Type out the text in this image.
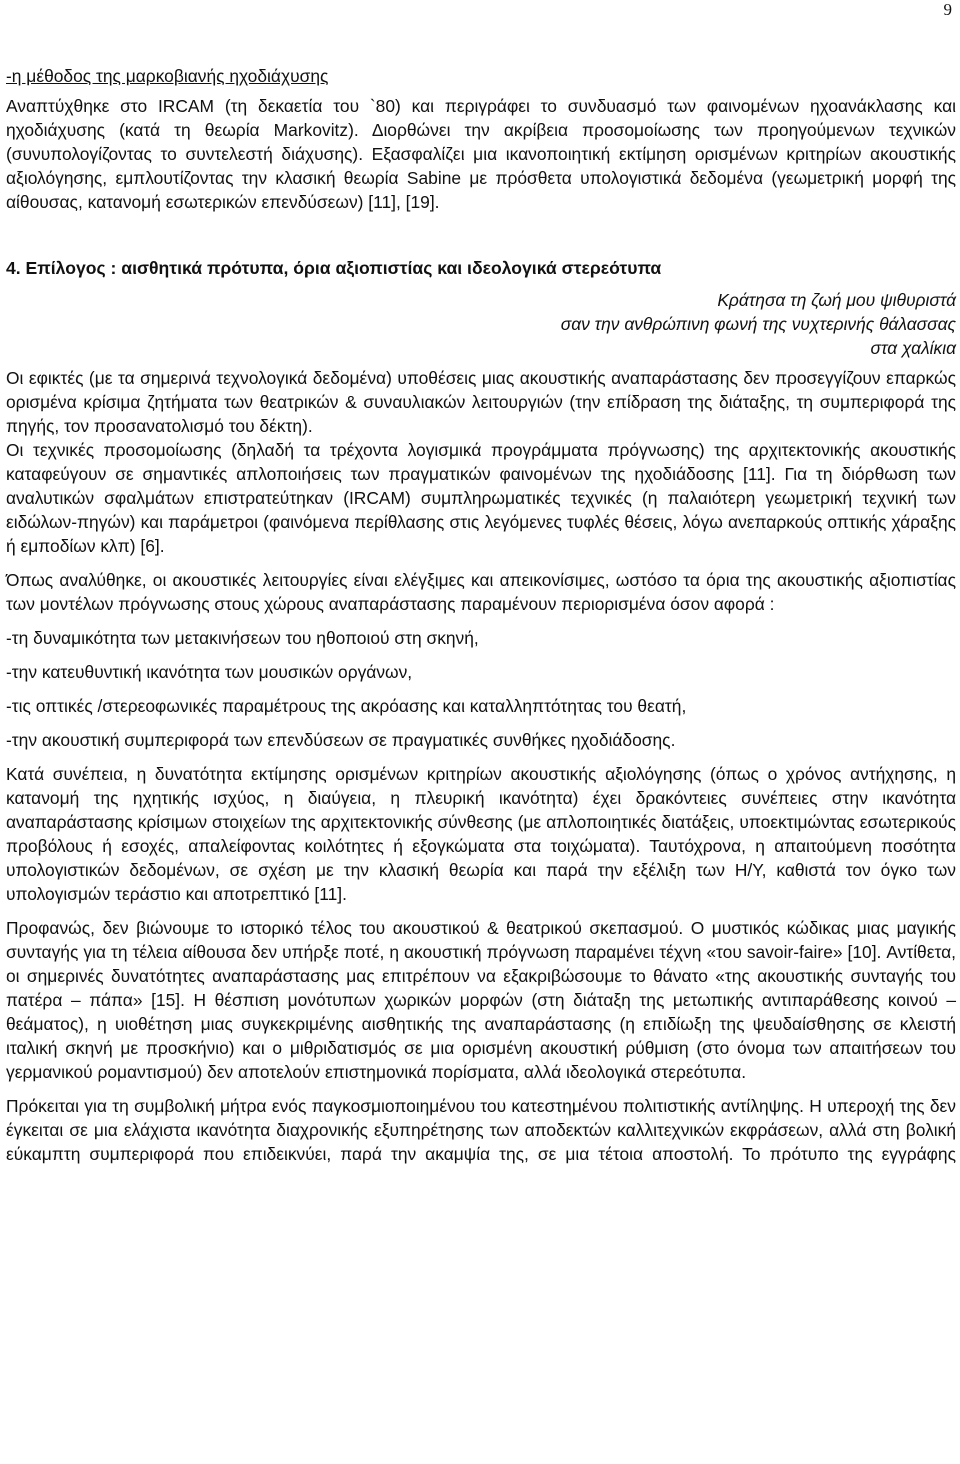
9
-η μέθοδος της μαρκοβιανής ηχοδιάχυσης

Αναπτύχθηκε στο IRCAM (τη δεκαετία του `80) και περιγράφει το συνδυασμό των φαινομένων ηχοανάκλασης και ηχοδιάχυσης (κατά τη θεωρία Markovitz). Διορθώνει την ακρίβεια προσομοίωσης των προηγούμενων τεχνικών (συνυπολογίζοντας το συντελεστή διάχυσης). Εξασφαλίζει μια ικανοποιητική εκτίμηση ορισμένων κριτηρίων ακουστικής αξιολόγησης, εμπλουτίζοντας την κλασική θεωρία Sabine με πρόσθετα υπολογιστικά δεδομένα (γεωμετρική μορφή της αίθουσας, κατανομή εσωτερικών επενδύσεων) [11], [19].

4. Επίλογος : αισθητικά πρότυπα, όρια αξιοπιστίας και ιδεολογικά στερεότυπα
Κράτησα τη ζωή μου ψιθυριστά
σαν την ανθρώπινη φωνή της νυχτερινής θάλασσας
στα χαλίκια

Οι εφικτές (με τα σημερινά τεχνολογικά δεδομένα) υποθέσεις μιας ακουστικής αναπαράστασης δεν προσεγγίζουν επαρκώς ορισμένα κρίσιμα ζητήματα των θεατρικών & συναυλιακών λειτουργιών (την επίδραση της διάταξης, τη συμπεριφορά της πηγής, τον προσανατολισμό του δέκτη).

Οι τεχνικές προσομοίωσης (δηλαδή τα τρέχοντα λογισμικά προγράμματα πρόγνωσης) της αρχιτεκτονικής ακουστικής καταφεύγουν σε σημαντικές απλοποιήσεις των πραγματικών φαινομένων της ηχοδιάδοσης [11]. Για τη διόρθωση των αναλυτικών σφαλμάτων επιστρατεύτηκαν (IRCAM) συμπληρωματικές τεχνικές (η παλαιότερη γεωμετρική τεχνική των ειδώλων-πηγών) και παράμετροι (φαινόμενα περίθλασης στις λεγόμενες τυφλές θέσεις, λόγω ανεπαρκούς οπτικής χάραξης ή εμποδίων κλπ) [6].

Όπως αναλύθηκε, οι ακουστικές λειτουργίες είναι ελέγξιμες και απεικονίσιμες, ωστόσο τα όρια της ακουστικής αξιοπιστίας των μοντέλων πρόγνωσης στους χώρους αναπαράστασης παραμένουν περιορισμένα όσον αφορά :

-τη δυναμικότητα των μετακινήσεων του ηθοποιού στη σκηνή,
-την κατευθυντική ικανότητα των μουσικών οργάνων,
-τις οπτικές /στερεοφωνικές παραμέτρους της ακρόασης και καταλληπτότητας του θεατή,
-την ακουστική συμπεριφορά των επενδύσεων σε πραγματικές συνθήκες ηχοδιάδοσης.

Κατά συνέπεια, η δυνατότητα εκτίμησης ορισμένων κριτηρίων ακουστικής αξιολόγησης (όπως ο χρόνος αντήχησης, η κατανομή της ηχητικής ισχύος, η διαύγεια, η πλευρική ικανότητα) έχει δρακόντειες συνέπειες στην ικανότητα αναπαράστασης κρίσιμων στοιχείων της αρχιτεκτονικής σύνθεσης (με απλοποιητικές διατάξεις, υποεκτιμώντας εσωτερικούς προβόλους ή εσοχές, απαλείφοντας κοιλότητες ή εξογκώματα στα τοιχώματα). Ταυτόχρονα, η απαιτούμενη ποσότητα υπολογιστικών δεδομένων, σε σχέση με την κλασική θεωρία και παρά την εξέλιξη των Η/Υ, καθιστά τον όγκο των υπολογισμών τεράστιο και αποτρεπτικό [11].

Προφανώς, δεν βιώνουμε το ιστορικό τέλος του ακουστικού & θεατρικού σκεπασμού. Ο μυστικός κώδικας μιας μαγικής συνταγής για τη τέλεια αίθουσα δεν υπήρξε ποτέ, η ακουστική πρόγνωση παραμένει τέχνη «του savoir-faire» [10]. Αντίθετα, οι σημερινές δυνατότητες αναπαράστασης μας επιτρέπουν να εξακριβώσουμε το θάνατο «της ακουστικής συνταγής του πατέρα – πάπα» [15]. Η θέσπιση μονότυπων χωρικών μορφών (στη διάταξη της μετωπικής αντιπαράθεσης κοινού – θεάματος), η υιοθέτηση μιας συγκεκριμένης αισθητικής της αναπαράστασης (η επιδίωξη της ψευδαίσθησης σε κλειστή ιταλική σκηνή με προσκήνιο) και ο μιθριδατισμός σε μια ορισμένη ακουστική ρύθμιση (στο όνομα των απαιτήσεων του γερμανικού ρομαντισμού) δεν αποτελούν επιστημονικά πορίσματα, αλλά ιδεολογικά στερεότυπα.

Πρόκειται για τη συμβολική μήτρα ενός παγκοσμιοποιημένου του κατεστημένου πολιτιστικής αντίληψης. Η υπεροχή της δεν έγκειται σε μια ελάχιστα ικανότητα διαχρονικής εξυπηρέτησης των αποδεκτών καλλιτεχνικών εκφράσεων, αλλά στη βολική εύκαμπτη συμπεριφορά που επιδεικνύει, παρά την ακαμψία της, σε μια τέτοια αποστολή. Το πρότυπο της εγγράφης
